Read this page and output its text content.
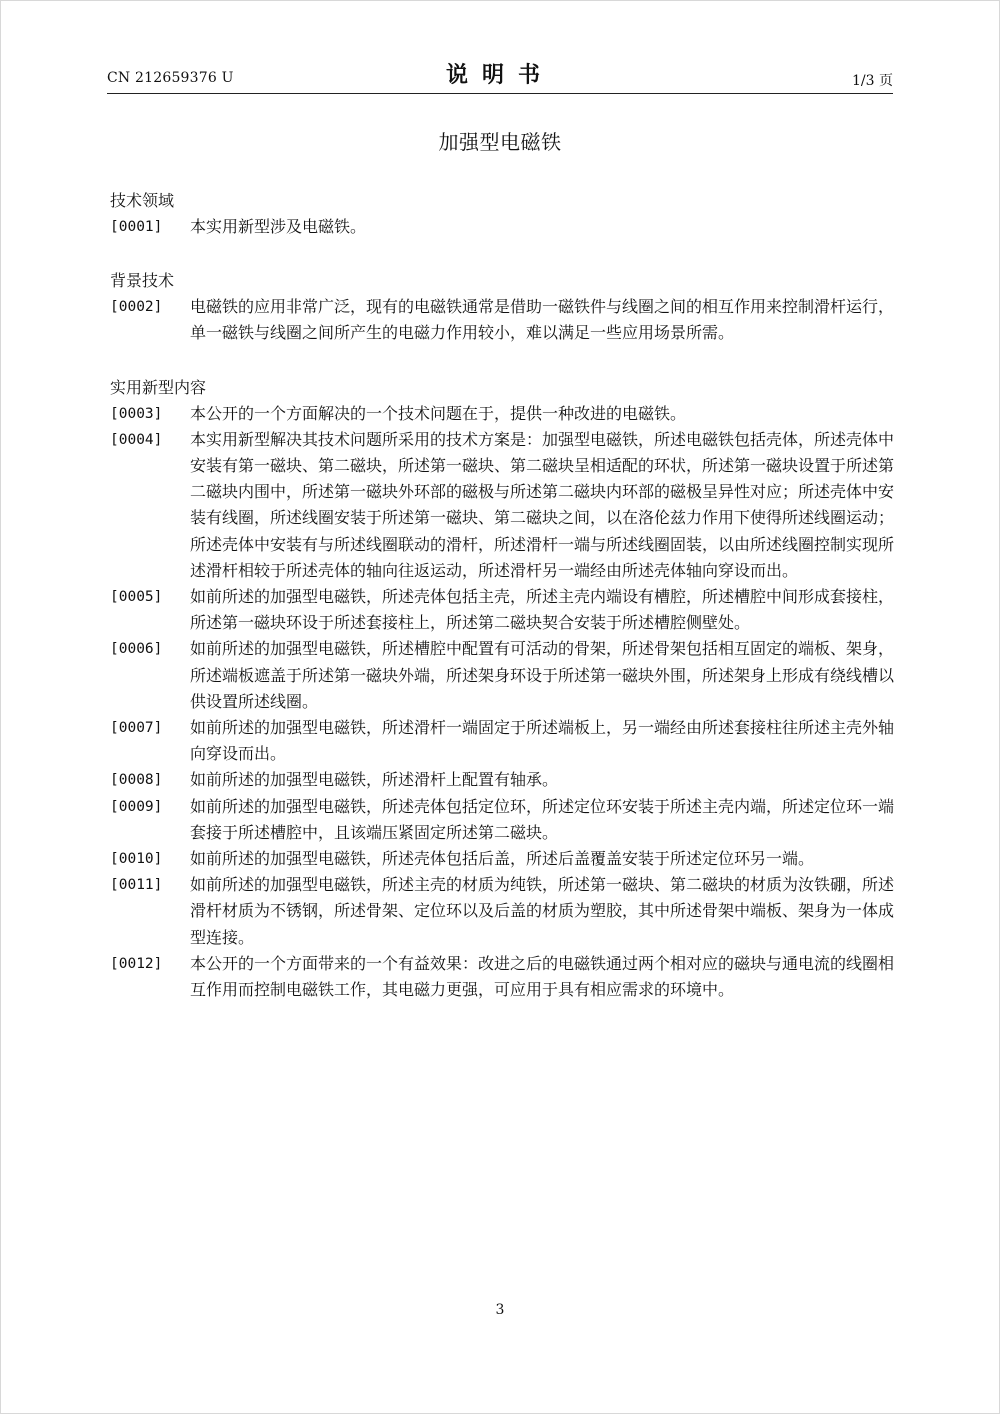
CN 212659376 U	说明书	1/3 页
加强型电磁铁
技术领域
[0001]	本实用新型涉及电磁铁。
背景技术
[0002]	电磁铁的应用非常广泛，现有的电磁铁通常是借助一磁铁件与线圈之间的相互作用来控制滑杆运行，单一磁铁与线圈之间所产生的电磁力作用较小，难以满足一些应用场景所需。
实用新型内容
[0003]	本公开的一个方面解决的一个技术问题在于，提供一种改进的电磁铁。
[0004]	本实用新型解决其技术问题所采用的技术方案是：加强型电磁铁，所述电磁铁包括壳体，所述壳体中安装有第一磁块、第二磁块，所述第一磁块、第二磁块呈相适配的环状，所述第一磁块设置于所述第二磁块内围中，所述第一磁块外环部的磁极与所述第二磁块内环部的磁极呈异性对应；所述壳体中安装有线圈，所述线圈安装于所述第一磁块、第二磁块之间，以在洛伦兹力作用下使得所述线圈运动；所述壳体中安装有与所述线圈联动的滑杆，所述滑杆一端与所述线圈固装，以由所述线圈控制实现所述滑杆相较于所述壳体的轴向往返运动，所述滑杆另一端经由所述壳体轴向穿设而出。
[0005]	如前所述的加强型电磁铁，所述壳体包括主壳，所述主壳内端设有槽腔，所述槽腔中间形成套接柱，所述第一磁块环设于所述套接柱上，所述第二磁块契合安装于所述槽腔侧壁处。
[0006]	如前所述的加强型电磁铁，所述槽腔中配置有可活动的骨架，所述骨架包括相互固定的端板、架身，所述端板遮盖于所述第一磁块外端，所述架身环设于所述第一磁块外围，所述架身上形成有绕线槽以供设置所述线圈。
[0007]	如前所述的加强型电磁铁，所述滑杆一端固定于所述端板上，另一端经由所述套接柱往所述主壳外轴向穿设而出。
[0008]	如前所述的加强型电磁铁，所述滑杆上配置有轴承。
[0009]	如前所述的加强型电磁铁，所述壳体包括定位环，所述定位环安装于所述主壳内端，所述定位环一端套接于所述槽腔中，且该端压紧固定所述第二磁块。
[0010]	如前所述的加强型电磁铁，所述壳体包括后盖，所述后盖覆盖安装于所述定位环另一端。
[0011]	如前所述的加强型电磁铁，所述主壳的材质为纯铁，所述第一磁块、第二磁块的材质为汝铁硼，所述滑杆材质为不锈钢，所述骨架、定位环以及后盖的材质为塑胶，其中所述骨架中端板、架身为一体成型连接。
[0012]	本公开的一个方面带来的一个有益效果：改进之后的电磁铁通过两个相对应的磁块与通电流的线圈相互作用而控制电磁铁工作，其电磁力更强，可应用于具有相应需求的环境中。
3
